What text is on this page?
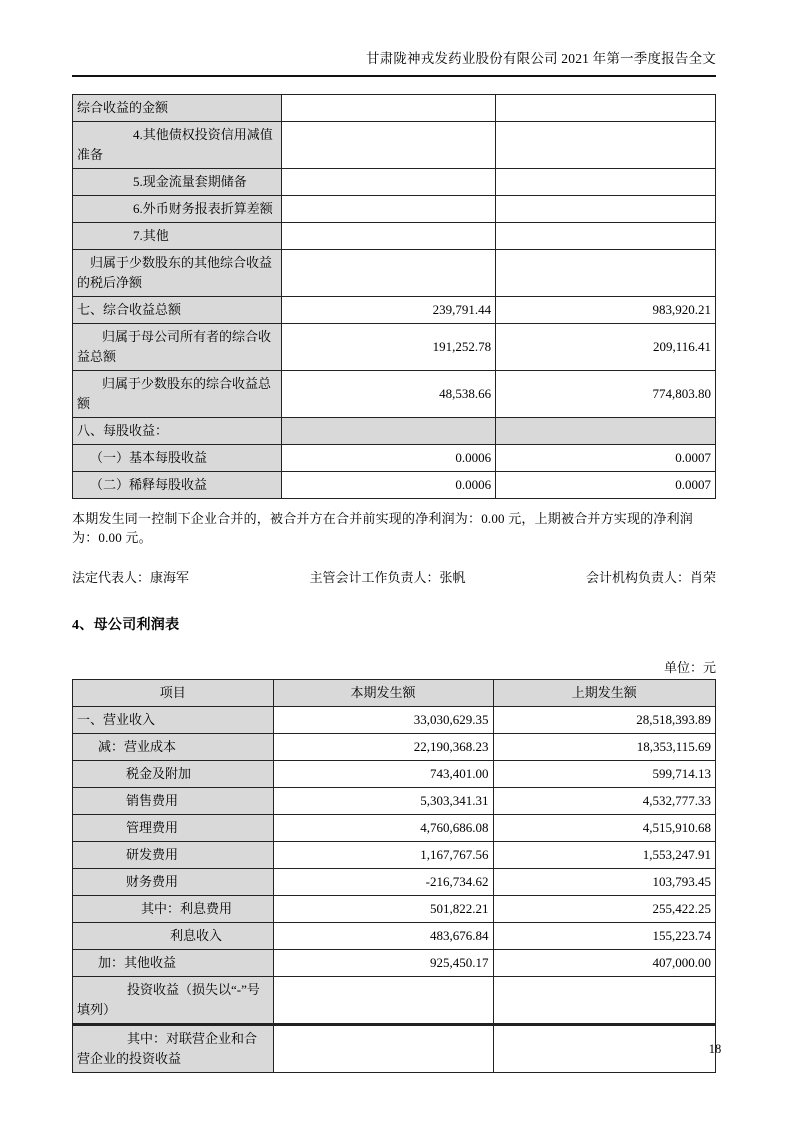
甘肃陇神戎发药业股份有限公司 2021 年第一季度报告全文
综合收益的金额		
4.其他债权投资信用减值准备		
5.现金流量套期储备		
6.外币财务报表折算差额		
7.其他		
归属于少数股东的其他综合收益的税后净额		
七、综合收益总额	239,791.44	983,920.21
归属于母公司所有者的综合收益总额	191,252.78	209,116.41
归属于少数股东的综合收益总额	48,538.66	774,803.80
八、每股收益：		
（一）基本每股收益	0.0006	0.0007
（二）稀释每股收益	0.0006	0.0007

本期发生同一控制下企业合并的，被合并方在合并前实现的净利润为：0.00 元，上期被合并方实现的净利润为：0.00 元。

法定代表人：康海军	主管会计工作负责人：张帆	会计机构负责人：肖荣
4、母公司利润表
单位：元
项目	本期发生额	上期发生额
一、营业收入	33,030,629.35	28,518,393.89
减：营业成本	22,190,368.23	18,353,115.69
税金及附加	743,401.00	599,714.13
销售费用	5,303,341.31	4,532,777.33
管理费用	4,760,686.08	4,515,910.68
研发费用	1,167,767.56	1,553,247.91
财务费用	-216,734.62	103,793.45
其中：利息费用	501,822.21	255,422.25
利息收入	483,676.84	155,223.74
加：其他收益	925,450.17	407,000.00
投资收益（损失以“-”号填列）		
其中：对联营企业和合营企业的投资收益		
18
